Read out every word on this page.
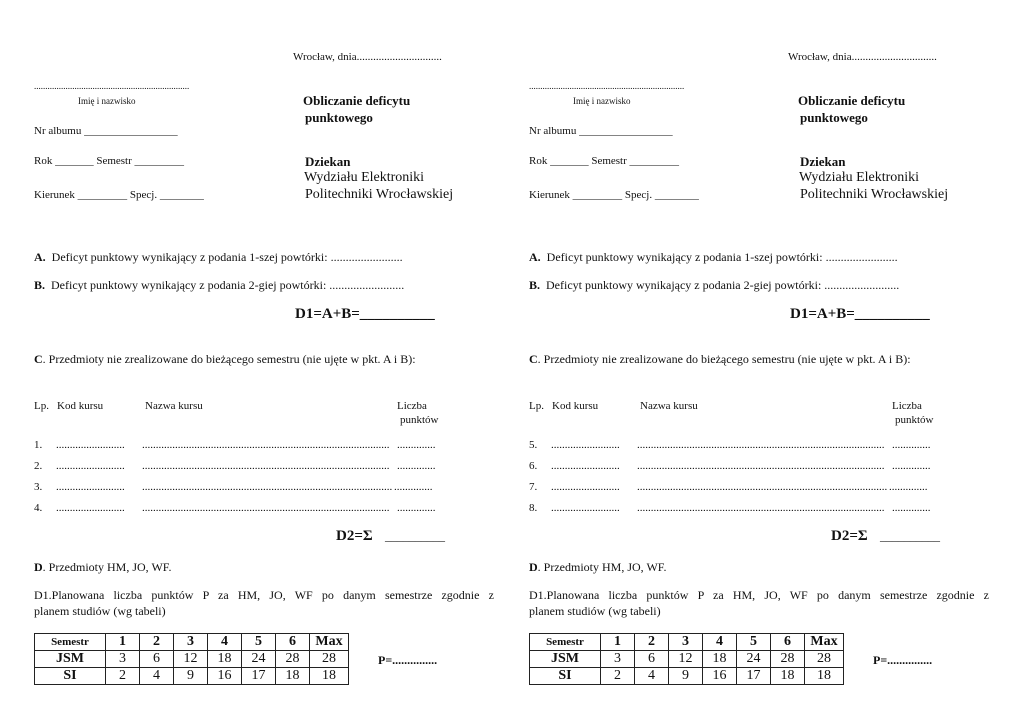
Wrocław, dnia...............................
.....................................................................
Imię i nazwisko	Obliczanie deficytu
punktowego
Nr albumu _________________
Rok _______ Semestr _________
Kierunek _________ Specj. ________
Dziekan
Wydziału Elektroniki
Politechniki Wrocławskiej
A. Deficyt punktowy wynikający z podania 1-szej powtórki: ........................
B. Deficyt punktowy wynikający z podania 2-giej powtórki: .........................
D1=A+B=__________
C. Przedmioty nie zrealizowane do bieżącego semestru (nie ujęte w pkt. A i B):
Lp. Kod kursu	Nazwa kursu	Liczba
punktów
1. ......................... .......................................................................................... ..............
2. ......................... .......................................................................................... ..............
3. ......................... ........................................................................................... ..............
4. ......................... .......................................................................................... ..............
D2=Σ __________
D. Przedmioty HM, JO, WF.
D1.Planowana liczba punktów P za HM, JO, WF po danym semestrze zgodnie z
planem studiów (wg tabeli)
Semestr	1	2	3	4	5	6	Max
JSM	3	6	12	18	24	28	28
SI	2	4	9	16	17	18	18
P=...............
Wrocław, dnia...............................
.....................................................................
Imię i nazwisko	Obliczanie deficytu
punktowego
Nr albumu _________________
Rok _______ Semestr _________
Kierunek _________ Specj. ________
Dziekan
Wydziału Elektroniki
Politechniki Wrocławskiej
A. Deficyt punktowy wynikający z podania 1-szej powtórki: ........................
B. Deficyt punktowy wynikający z podania 2-giej powtórki: .........................
D1=A+B=__________
C. Przedmioty nie zrealizowane do bieżącego semestru (nie ujęte w pkt. A i B):
Lp. Kod kursu	Nazwa kursu	Liczba
punktów
5. ......................... .......................................................................................... ..............
6. ......................... .......................................................................................... ..............
7. ......................... ........................................................................................... ..............
8. ......................... .......................................................................................... ..............
D2=Σ __________
D. Przedmioty HM, JO, WF.
D1.Planowana liczba punktów P za HM, JO, WF po danym semestrze zgodnie z
planem studiów (wg tabeli)
Semestr	1	2	3	4	5	6	Max
JSM	3	6	12	18	24	28	28
SI	2	4	9	16	17	18	18
P=...............
